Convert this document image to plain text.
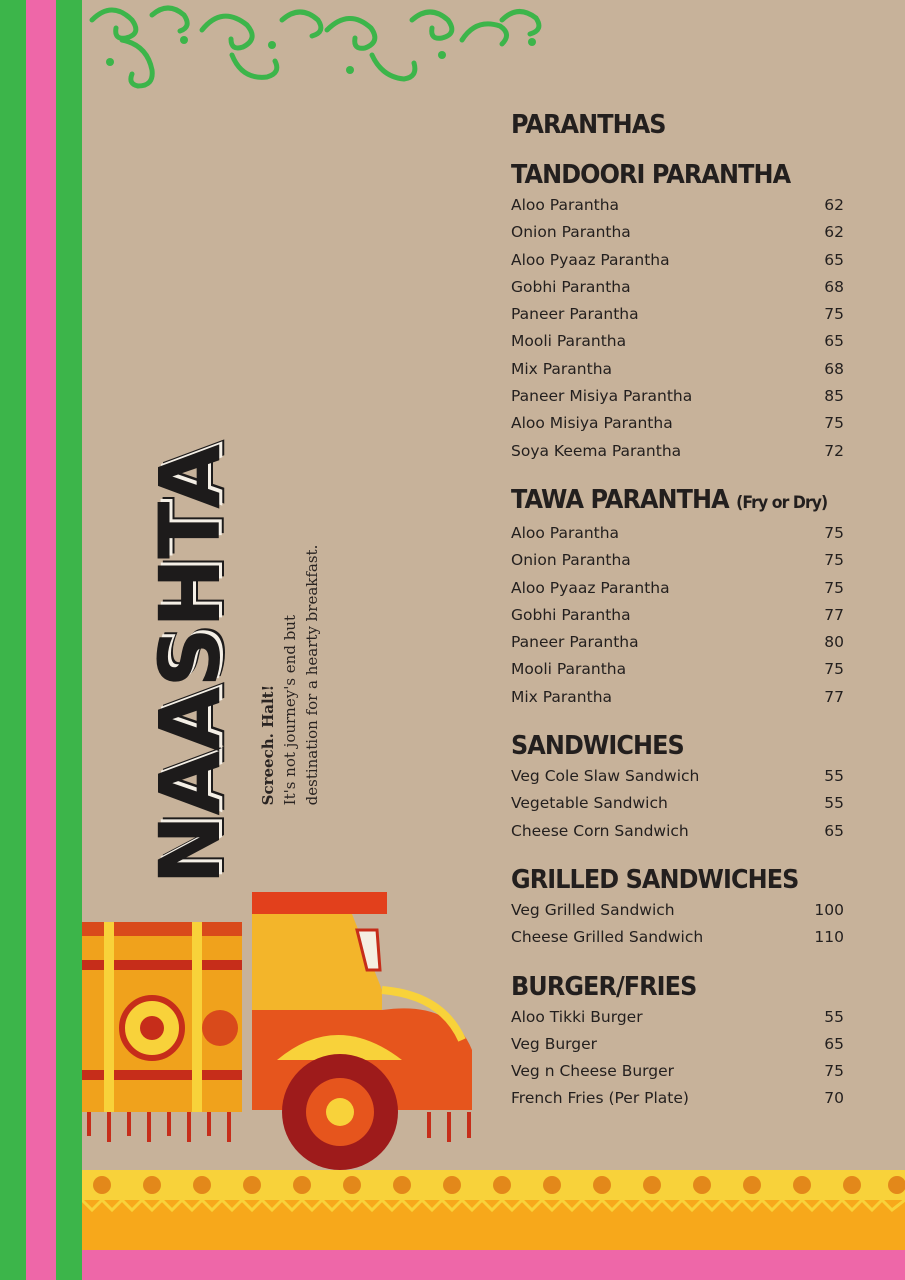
NAASHTA Screech. Halt! It's not journey's end but destination for a hearty breakfast.
PARANTHAS
TANDOORI PARANTHA
Aloo Parantha	62
Onion Parantha	62
Aloo Pyaaz Parantha	65
Gobhi Parantha	68
Paneer Parantha	75
Mooli Parantha	65
Mix Parantha	68
Paneer Misiya Parantha	85
Aloo Misiya Parantha	75
Soya Keema Parantha	72
TAWA PARANTHA (Fry or Dry)
Aloo Parantha	75
Onion Parantha	75
Aloo Pyaaz Parantha	75
Gobhi Parantha	77
Paneer Parantha	80
Mooli Parantha	75
Mix Parantha	77
SANDWICHES
Veg Cole Slaw Sandwich	55
Vegetable Sandwich	55
Cheese Corn Sandwich	65
GRILLED SANDWICHES
Veg Grilled Sandwich	100
Cheese Grilled Sandwich	110
BURGER/FRIES
Aloo Tikki Burger	55
Veg Burger	65
Veg n Cheese Burger	75
French Fries (Per Plate)	70
